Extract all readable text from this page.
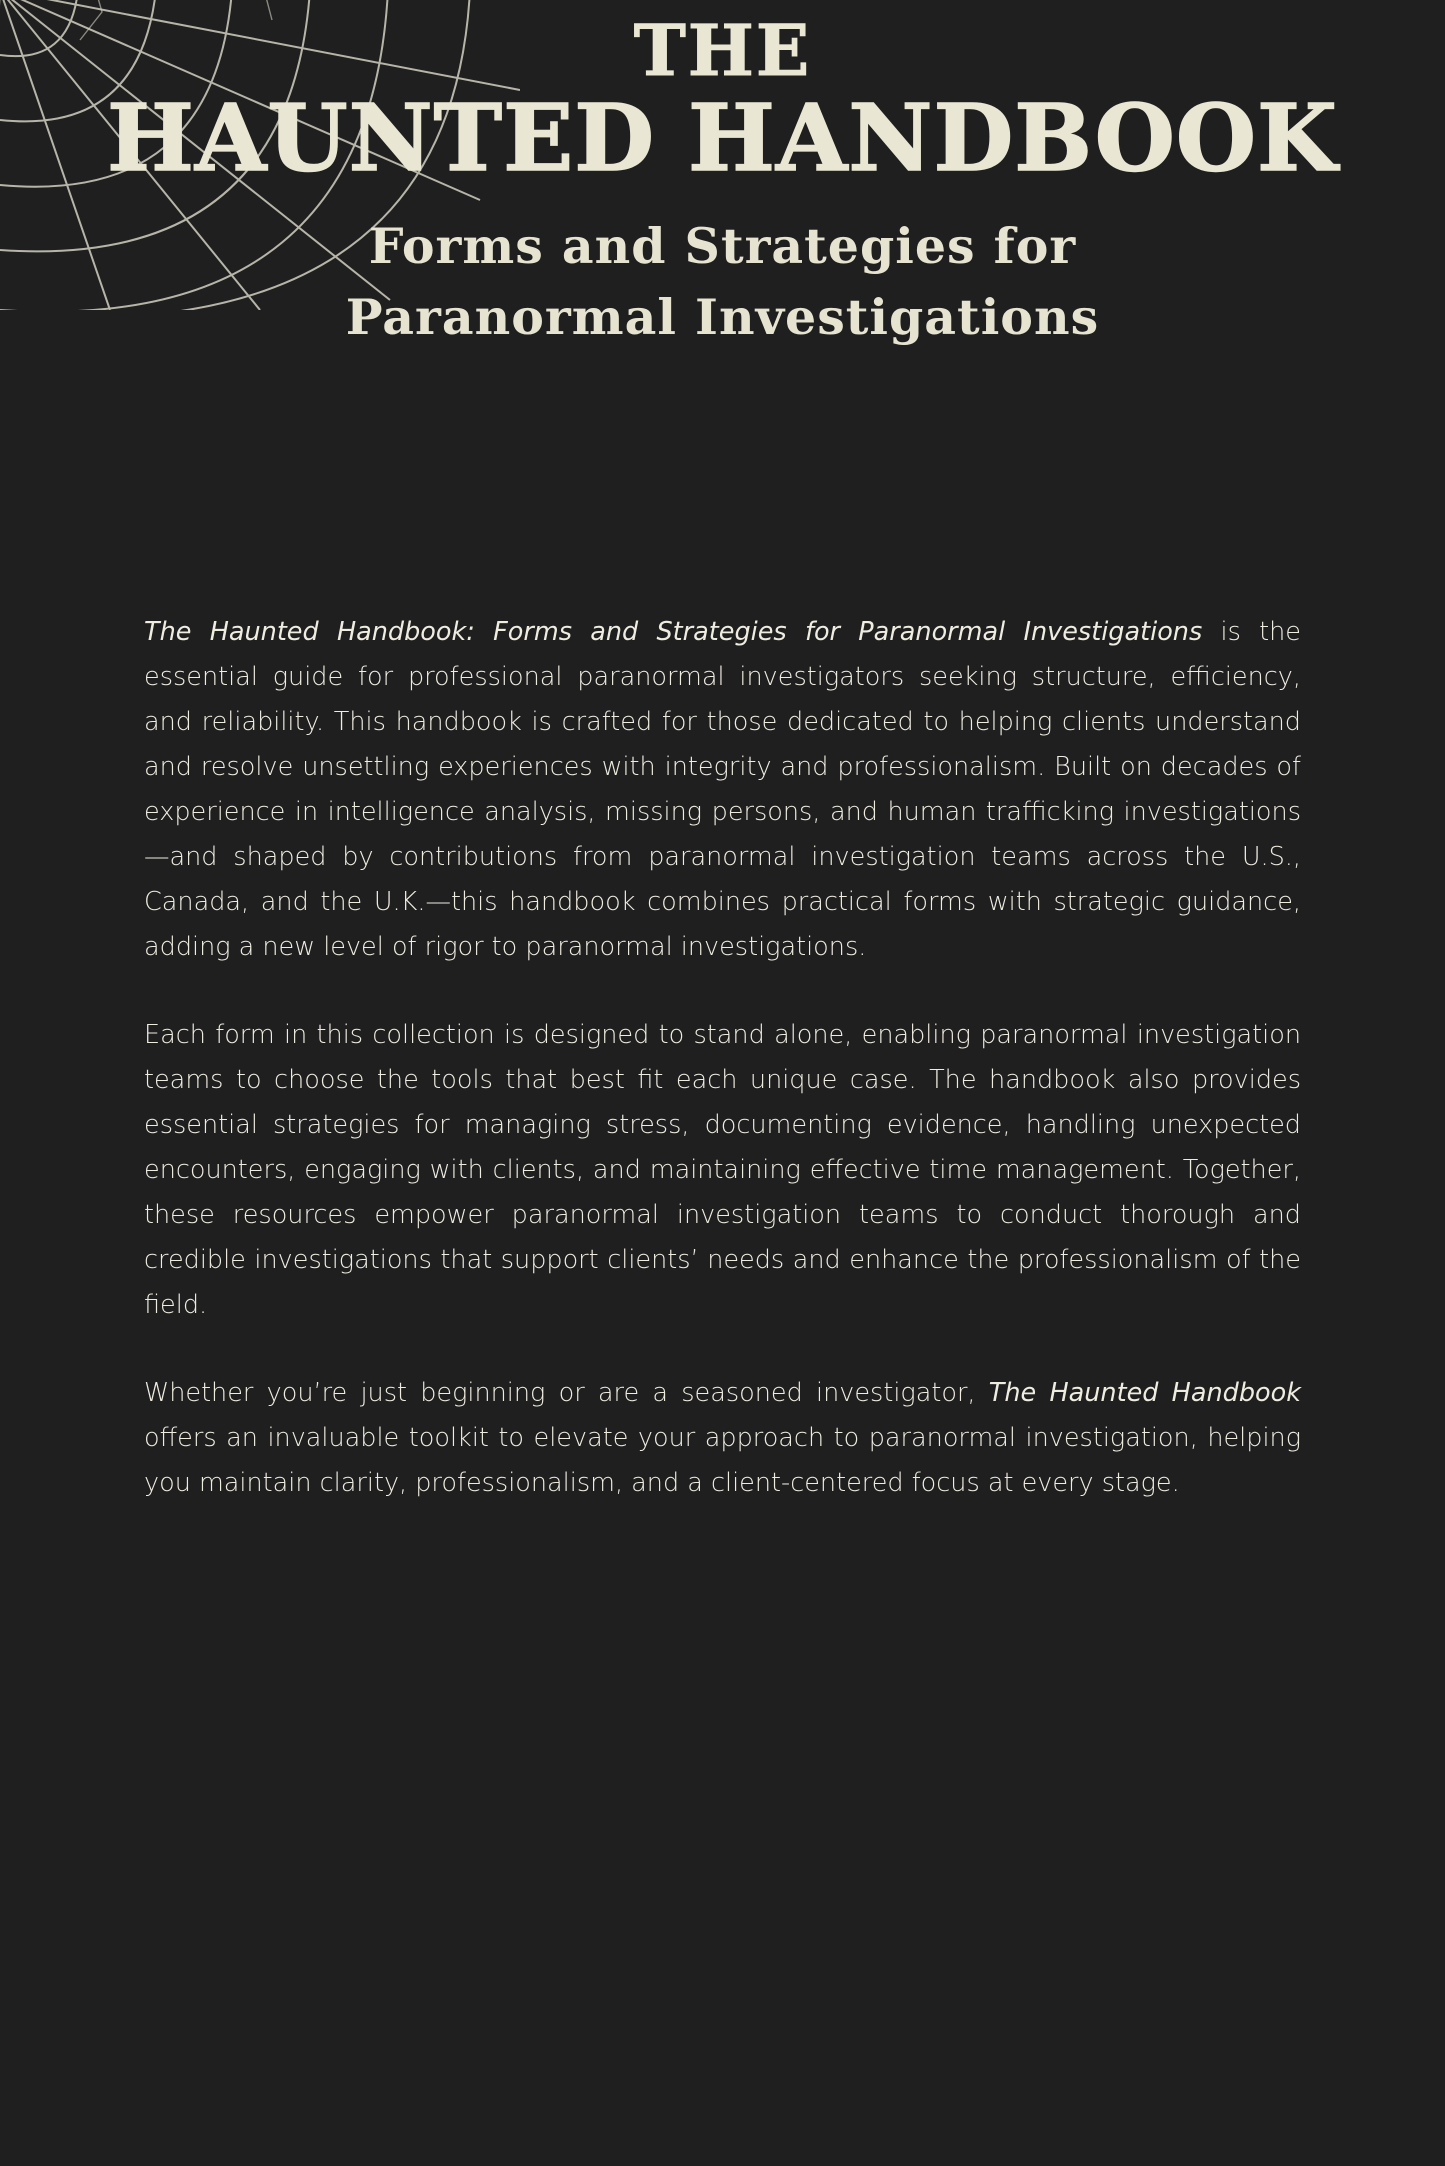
THE
HAUNTED HANDBOOK
Forms and Strategies for
Paranormal Investigations

The Haunted Handbook: Forms and Strategies for Paranormal Investigations is the essential guide for professional paranormal investigators seeking structure, efficiency, and reliability. This handbook is crafted for those dedicated to helping clients understand and resolve unsettling experiences with integrity and professionalism. Built on decades of experience in intelligence analysis, missing persons, and human trafficking investigations—and shaped by contributions from paranormal investigation teams across the U.S., Canada, and the U.K.—this handbook combines practical forms with strategic guidance, adding a new level of rigor to paranormal investigations.

Each form in this collection is designed to stand alone, enabling paranormal investigation teams to choose the tools that best fit each unique case. The handbook also provides essential strategies for managing stress, documenting evidence, handling unexpected encounters, engaging with clients, and maintaining effective time management. Together, these resources empower paranormal investigation teams to conduct thorough and credible investigations that support clients’ needs and enhance the professionalism of the field.

Whether you’re just beginning or are a seasoned investigator, The Haunted Handbook offers an invaluable toolkit to elevate your approach to paranormal investigation, helping you maintain clarity, professionalism, and a client-centered focus at every stage.
